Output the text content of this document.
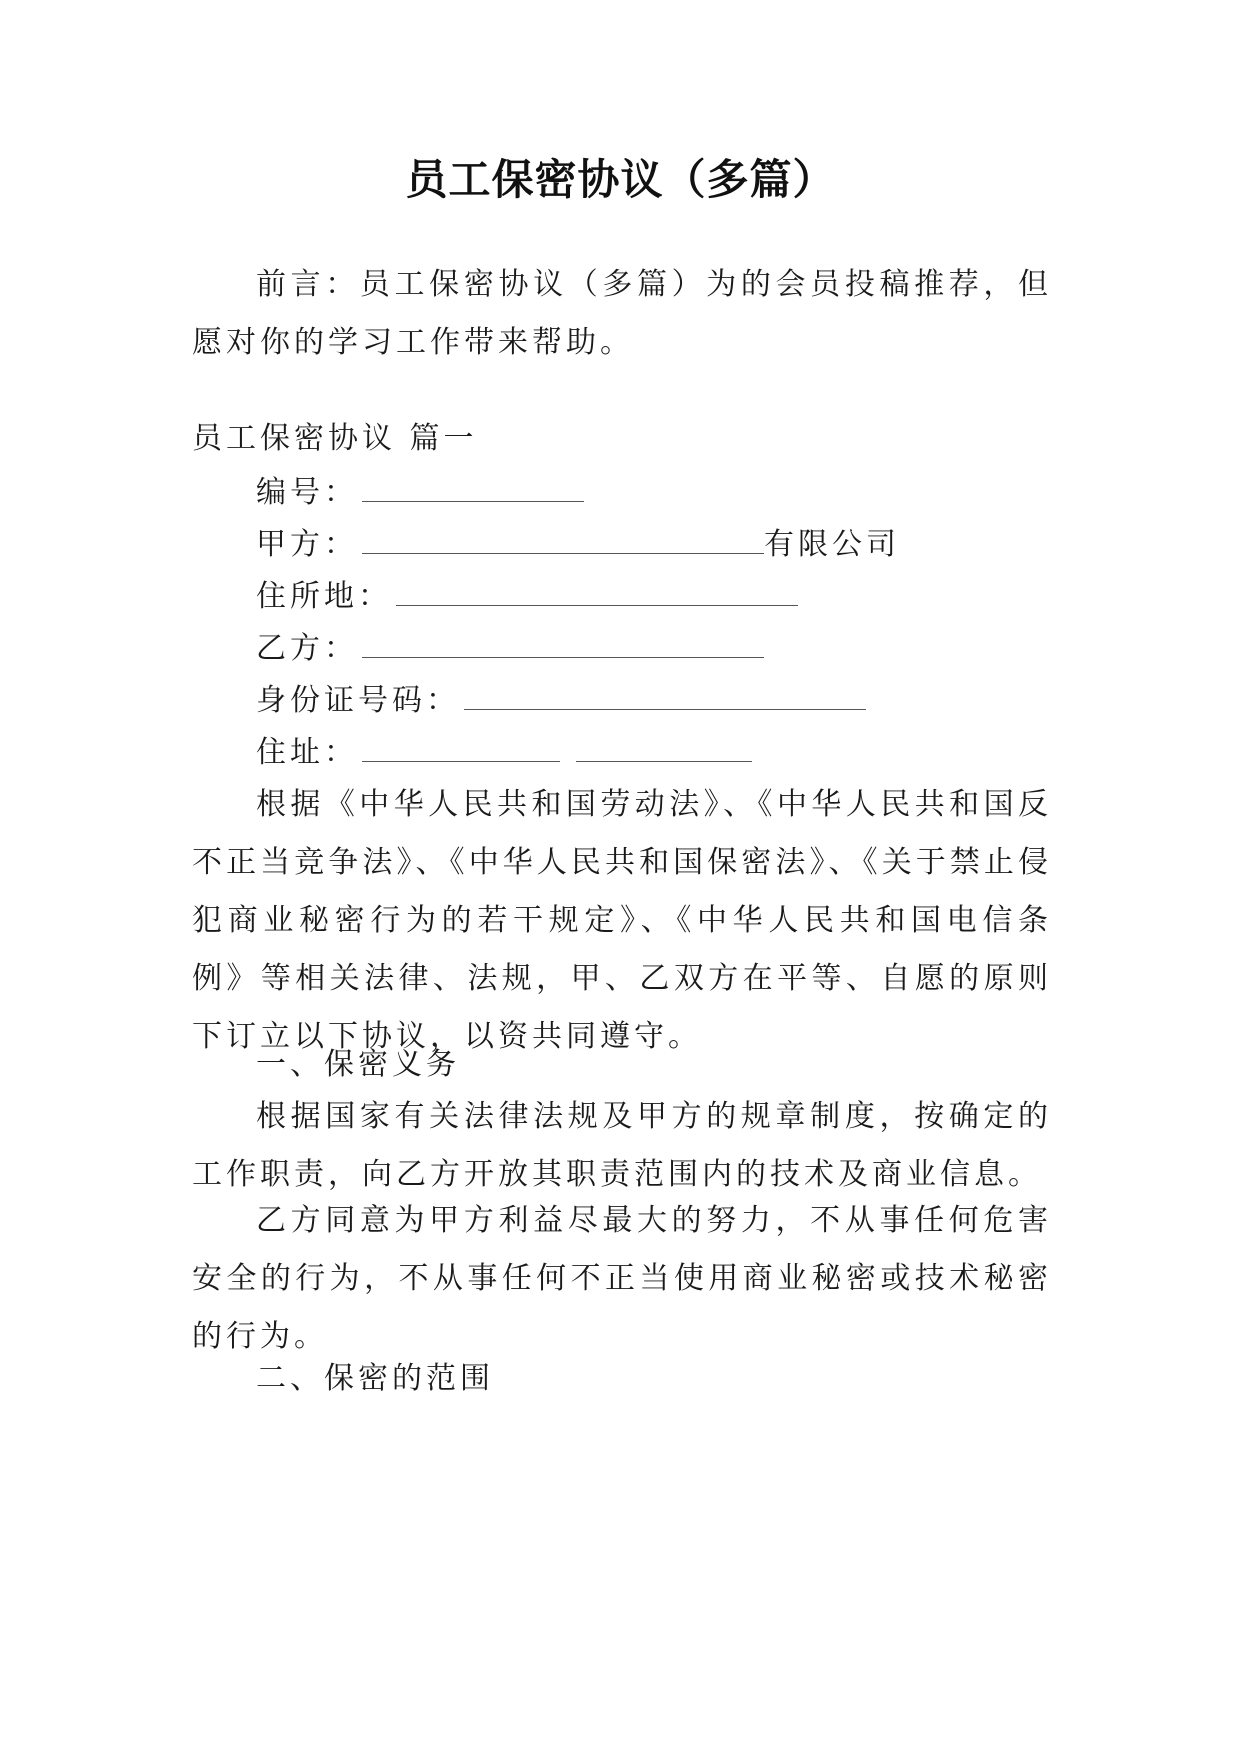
员工保密协议（多篇）

前言：员工保密协议（多篇）为的会员投稿推荐，但愿对你的学习工作带来帮助。

员工保密协议 篇一

编号：

甲方：	有限公司

住所地：

乙方：

身份证号码：

住址：

根据《中华人民共和国劳动法》、《中华人民共和国反不正当竞争法》、《中华人民共和国保密法》、《关于禁止侵犯商业秘密行为的若干规定》、《中华人民共和国电信条例》等相关法律、法规，甲、乙双方在平等、自愿的原则下订立以下协议，以资共同遵守。

一、保密义务

根据国家有关法律法规及甲方的规章制度，按确定的工作职责，向乙方开放其职责范围内的技术及商业信息。

乙方同意为甲方利益尽最大的努力，不从事任何危害安全的行为，不从事任何不正当使用商业秘密或技术秘密的行为。

二、保密的范围
